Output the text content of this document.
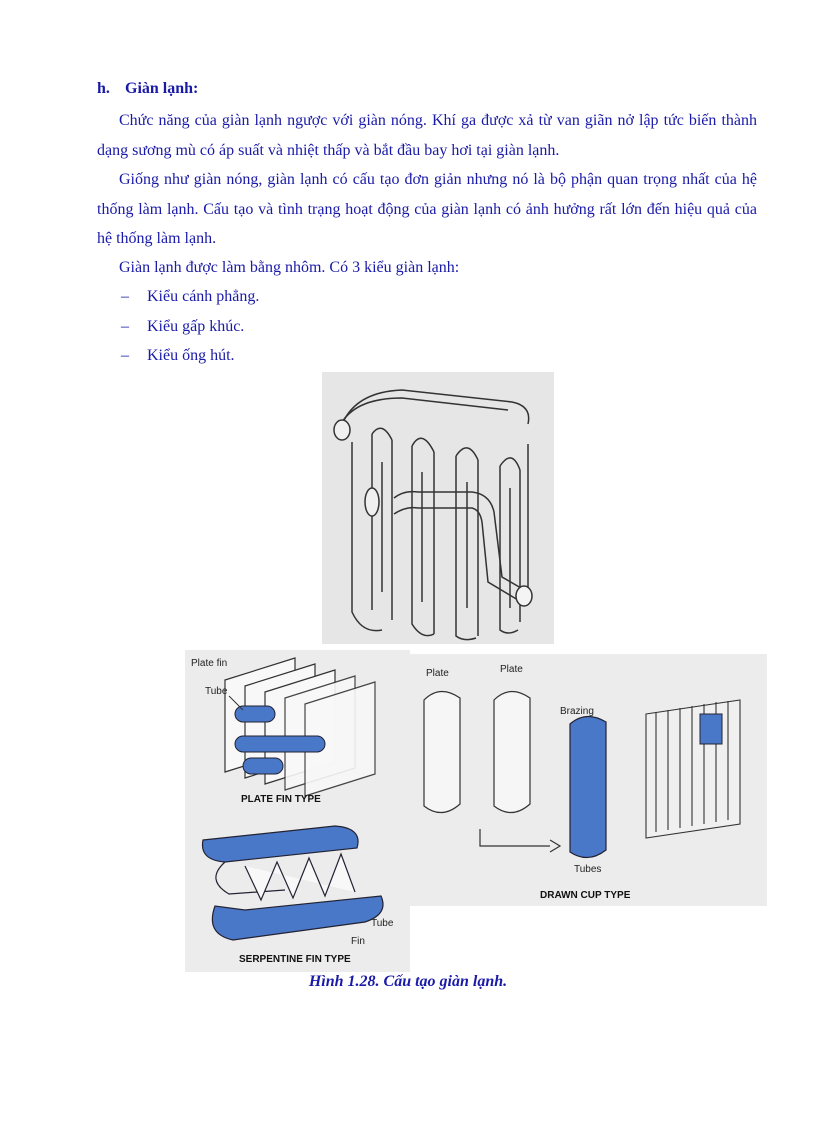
h. Giàn lạnh:
Chức năng của giàn lạnh ngược với giàn nóng. Khí ga được xả từ van giãn nở lập tức biến thành dạng sương mù có áp suất và nhiệt thấp và bắt đầu bay hơi tại giàn lạnh.
Giống như giàn nóng, giàn lạnh có cấu tạo đơn giản nhưng nó là bộ phận quan trọng nhất của hệ thống làm lạnh. Cấu tạo và tình trạng hoạt động của giàn lạnh có ảnh hưởng rất lớn đến hiệu quả của hệ thống làm lạnh.
Giàn lạnh được làm bằng nhôm. Có 3 kiểu giàn lạnh:
– Kiểu cánh phẳng.
– Kiểu gấp khúc.
– Kiểu ống hút.
Plate fin
Tube
PLATE FIN TYPE
Tube
Fin
SERPENTINE FIN TYPE
Plate	Plate
Brazing
Tubes
DRAWN CUP TYPE
Hình 1.28. Cấu tạo giàn lạnh.
